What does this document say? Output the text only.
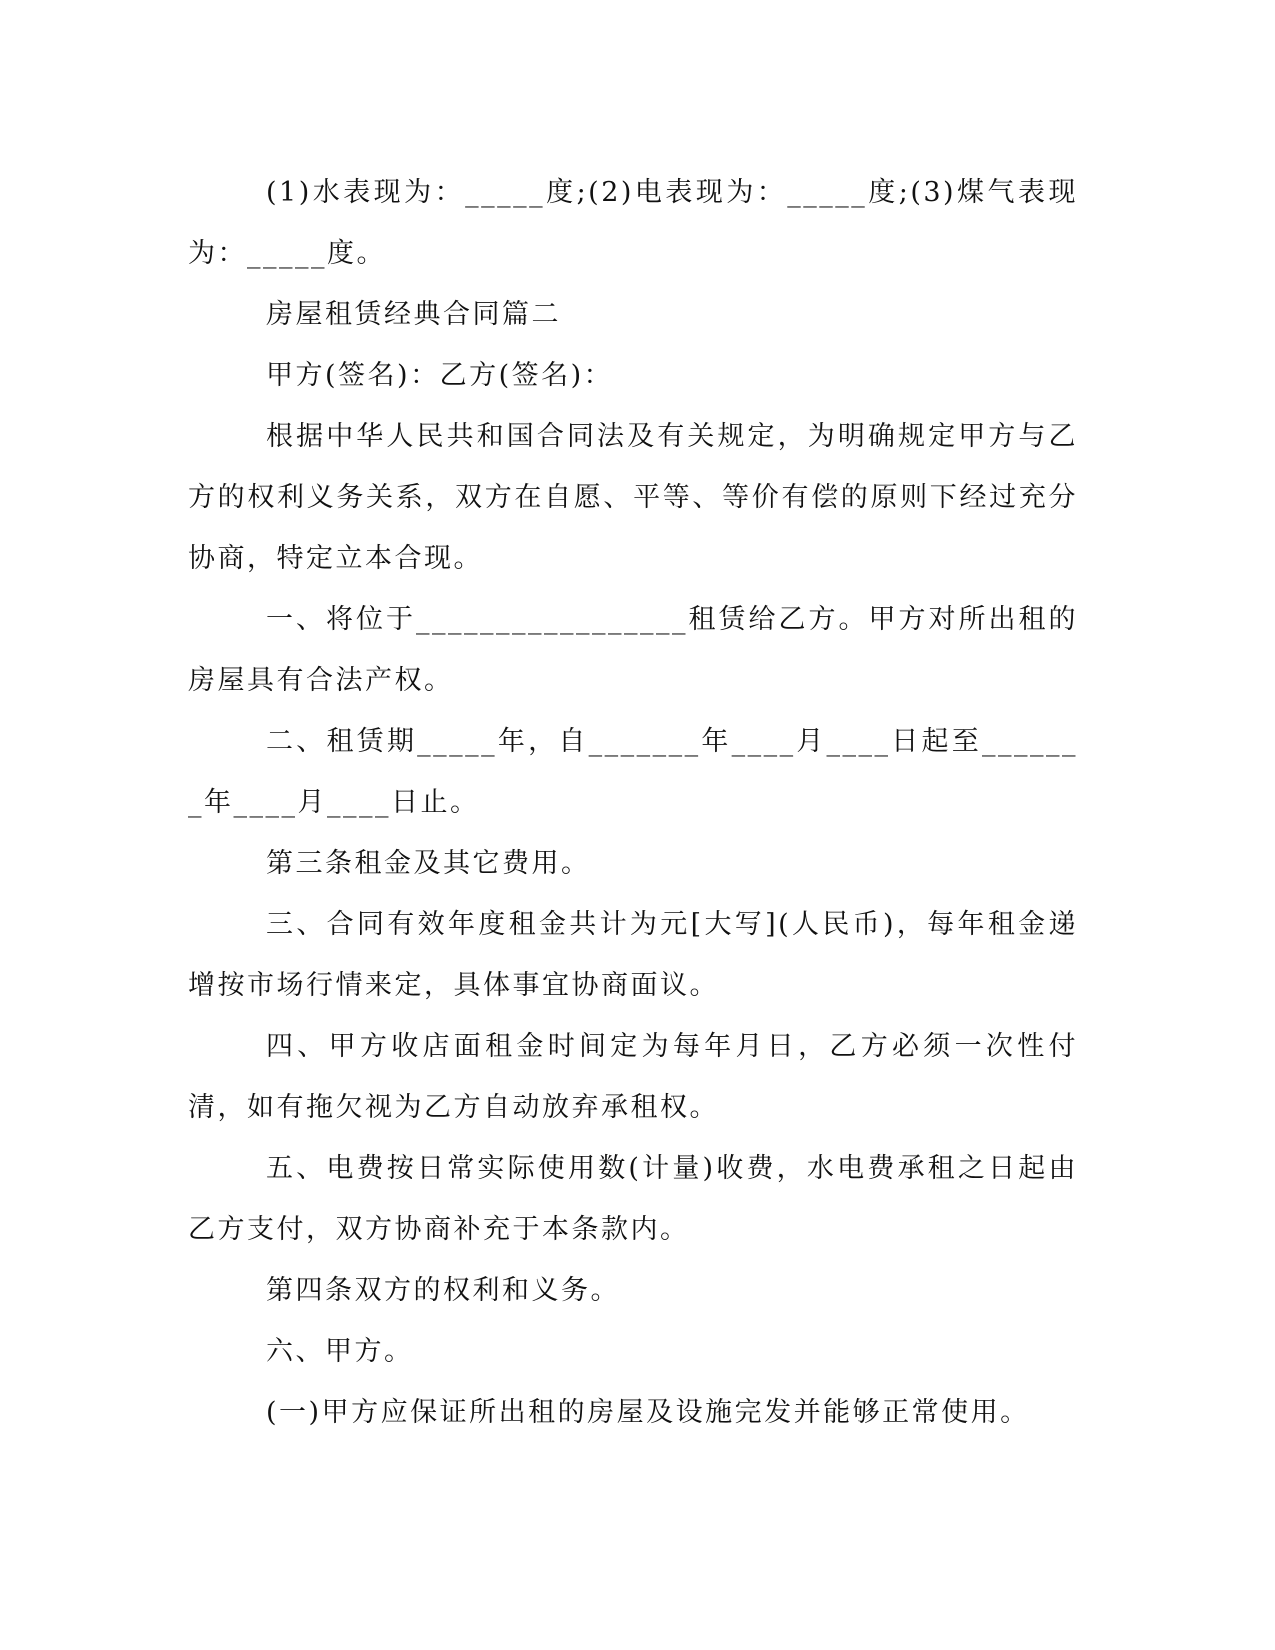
(1)水表现为：_____度;(2)电表现为：_____度;(3)煤气表现为：_____度。

房屋租赁经典合同篇二

甲方(签名)：乙方(签名)：

根据中华人民共和国合同法及有关规定，为明确规定甲方与乙方的权利义务关系，双方在自愿、平等、等价有偿的原则下经过充分协商，特定立本合现。

一、将位于_________________租赁给乙方。甲方对所出租的房屋具有合法产权。

二、租赁期_____年，自_______年____月____日起至_______年____月____日止。

第三条租金及其它费用。

三、合同有效年度租金共计为元[大写](人民币)，每年租金递增按市场行情来定，具体事宜协商面议。

四、甲方收店面租金时间定为每年月日，乙方必须一次性付清，如有拖欠视为乙方自动放弃承租权。

五、电费按日常实际使用数(计量)收费，水电费承租之日起由乙方支付，双方协商补充于本条款内。

第四条双方的权利和义务。

六、甲方。

(一)甲方应保证所出租的房屋及设施完发并能够正常使用。
